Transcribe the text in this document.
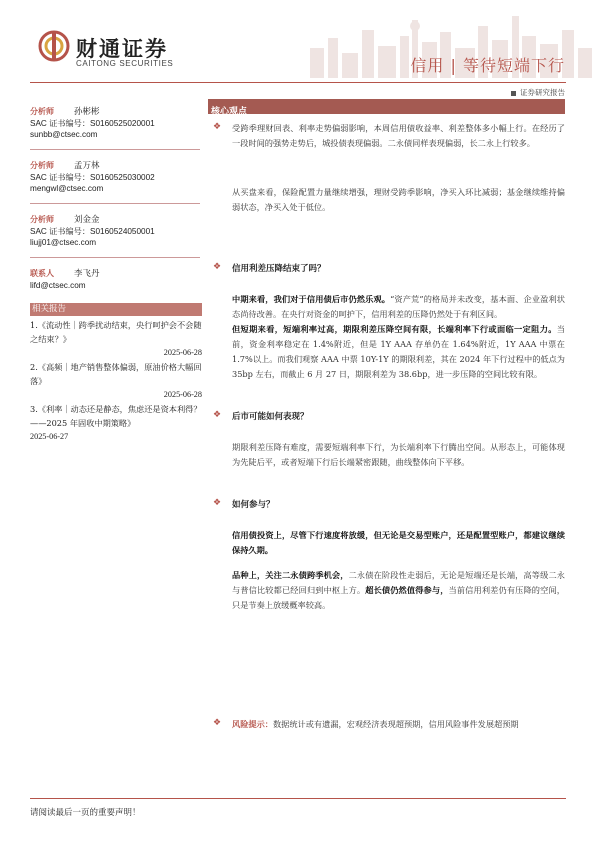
财通证券
CAITONG SECURITIES	信用 | 等待短端下行
证券研究报告
分析师 孙彬彬
SAC 证书编号：S0160525020001
sunbb@ctsec.com
分析师 孟万林
SAC 证书编号：S0160525030002
mengwl@ctsec.com
分析师 刘金金
SAC 证书编号：S0160524050001
liujj01@ctsec.com
联系人 李飞丹
lifd@ctsec.com
相关报告
1.《流动性｜跨季扰动结束，央行呵护会不会随之结束？》
2025-06-28
2.《高频｜地产销售整体偏弱，原油价格大幅回落》
2025-06-28
3.《利率｜动态还是静态，焦虑还是资本利得？——2025 年固收中期策略》
2025-06-27
核心观点
❖ 受跨季理财回表、利率走势偏弱影响，本周信用债收益率、利差整体多小幅上行。在经历了一段时间的强势走势后，城投债表现偏弱。二永债同样表现偏弱，长二永上行较多。
从买盘来看，保险配置力量继续增强，理财受跨季影响，净买入环比减弱；基金继续维持偏弱状态，净买入处于低位。
❖ 信用利差压降结束了吗？
中期来看，我们对于信用债后市仍然乐观。“资产荒”的格局并未改变，基本面、企业盈利状态尚待改善。在央行对资金的呵护下，信用利差的压降仍然处于有利区间。
但短期来看，短端利率过高，期限利差压降空间有限，长端利率下行或面临一定阻力。当前，资金利率稳定在 1.4%附近，但是 1Y AAA 存单仍在 1.64%附近，1Y AAA 中票在 1.7%以上。而我们观察 AAA 中票 10Y-1Y 的期限利差，其在 2024 年下行过程中的低点为 35bp 左右，而截止 6 月 27 日，期限利差为 38.6bp，进一步压降的空间比较有限。
❖ 后市可能如何表现？
期限利差压降有难度，需要短端利率下行，为长端利率下行腾出空间。从形态上，可能体现为先陡后平，或者短端下行后长端紧密跟随，曲线整体向下平移。
❖ 如何参与？
信用债投资上，尽管下行速度将放缓，但无论是交易型账户，还是配置型账户，都建议继续保持久期。
品种上，关注二永债跨季机会，二永债在阶段性走弱后，无论是短端还是长端，高等级二永与普信比较都已经回归到中枢上方。超长债仍然值得参与，当前信用利差仍有压降的空间，只是节奏上放缓概率较高。
❖ 风险提示：数据统计或有遗漏，宏观经济表现超预期，信用风险事件发展超预期
请阅读最后一页的重要声明！
